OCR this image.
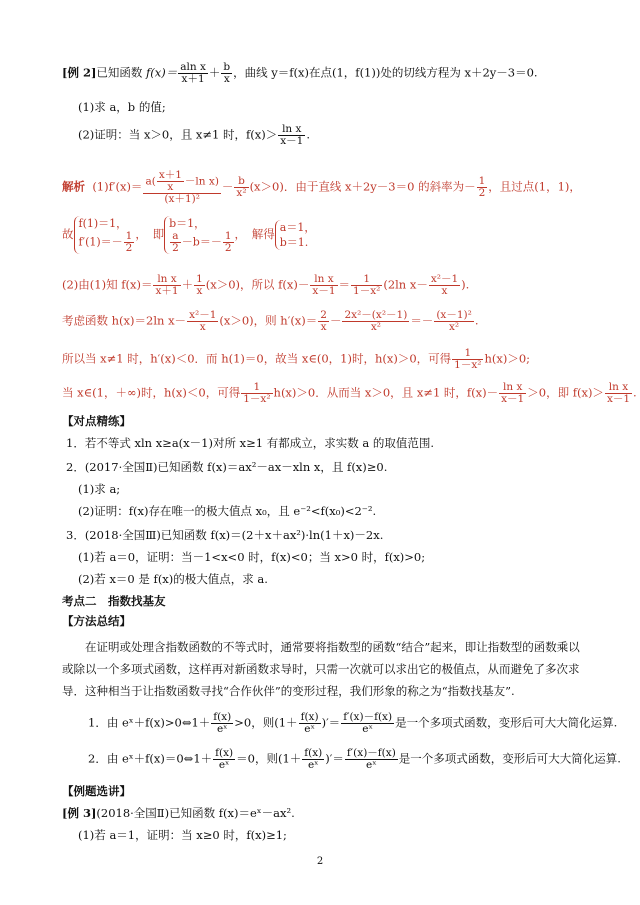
[例 2]已知函数 $f(x)= \frac{\text{aln x}}{x+1} + \frac{b}{x}$ ，曲线 y＝f(x)在点(1，f(1))处的切线方程为 x＋2y－3＝0.
(1)求 a，b 的值;
(2)证明：当 x＞0，且 x≠1 时，$f(x)> \frac{\text{ln x}}{x-1}$ .
解析 $(1)f'(x)= \frac{a( \frac{x+1}{x} -\ln x)}{\text{(x＋1)²}} - \frac{b}{\text{x²}} (x>0)$．由于直线 x＋2y－3＝0 的斜率为－ $\frac{1}{2}$ ，且过点(1，1)，
故f(1)＝1，
$f'(1)=- \frac{1}{2}$ ，　即b＝1，

$\frac{a}{2} -b=- \frac{1}{2}$ ，　解得 a＝1，
b＝1.
(2)由(1)知 $f(x)= \frac{\text{ln x}}{x+1} + \frac{1}{x} (x>0)$，所以 $f(x)- \frac{\text{ln x}}{x-1} = \frac{1}{\text{1－x²}} (2\ln$ $x- \frac{\text{x²－1}}{x}$ ).
考虑函数 h(x)＝2ln $x- \frac{\text{x²－1}}{x} (x>0)$，则 $h'(x)= \frac{2}{x} - \frac{\text{2x²－(x²－1)}}{\text{x²}} =- \frac{\text{(x－1)²}}{\text{x²}}$ .
所以当 x≠1 时，h′(x)＜0．而 h(1)＝0，故当 x∈(0，1)时，h(x)＞0，可得 $\frac{1}{\text{1－x²}} h(x)>0$;
当 x∈(1，＋∞)时，h(x)＜0，可得 $\frac{1}{\text{1－x²}} h(x)>0$．从而当 x＞0，且 x≠1 时，$f(x)- \frac{\text{ln x}}{x-1} >0$，即 $f(x)> \frac{\text{ln x}}{x-1}$ .
【对点精练】
1．若不等式 xln x≥a(x－1)对所 x≥1 有都成立，求实数 a 的取值范围.
2．(2017·全国Ⅱ)已知函数 f(x)＝ax²－ax－xln x，且 f(x)≥0.
(1)求 a;
(2)证明：f(x)存在唯一的极大值点 x₀，且 e⁻²<f(x₀)<2⁻².
3．(2018·全国Ⅲ)已知函数 f(x)＝(2＋x＋ax²)·ln(1＋x)－2x.
(1)若 a＝0，证明：当－1<x<0 时，f(x)<0；当 x>0 时，f(x)>0;
(2)若 x＝0 是 f(x)的极大值点，求 a.
考点二　指数找基友
【方法总结】
在证明或处理含指数函数的不等式时，通常要将指数型的函数“结合”起来，即让指数型的函数乘以或除以一个多项式函数，这样再对新函数求导时，只需一次就可以求出它的极值点，从而避免了多次求导．这种相当于让指数函数寻找“合作伙伴”的变形过程，我们形象的称之为“指数找基友”.
1．由 eˣ＋f(x)>0⇔1＋ $\frac{f(x)}{\text{eˣ}} >0$，则($1+ \frac{f(x)}{\text{eˣ}}$ )′＝ $\frac{f'(x)-f(x)}{\text{eˣ}}$ 是一个多项式函数，变形后可大大简化运算.
2．由 eˣ＋f(x)＝0⇔1＋ $\frac{f(x)}{\text{eˣ}} =0$，则($1+ \frac{f(x)}{\text{eˣ}}$ )′＝ $\frac{f'(x)-f(x)}{\text{eˣ}}$ 是一个多项式函数，变形后可大大简化运算.
【例题选讲】
[例 3](2018·全国Ⅱ)已知函数 f(x)＝eˣ－ax².
(1)若 a＝1，证明：当 x≥0 时，f(x)≥1;
2
